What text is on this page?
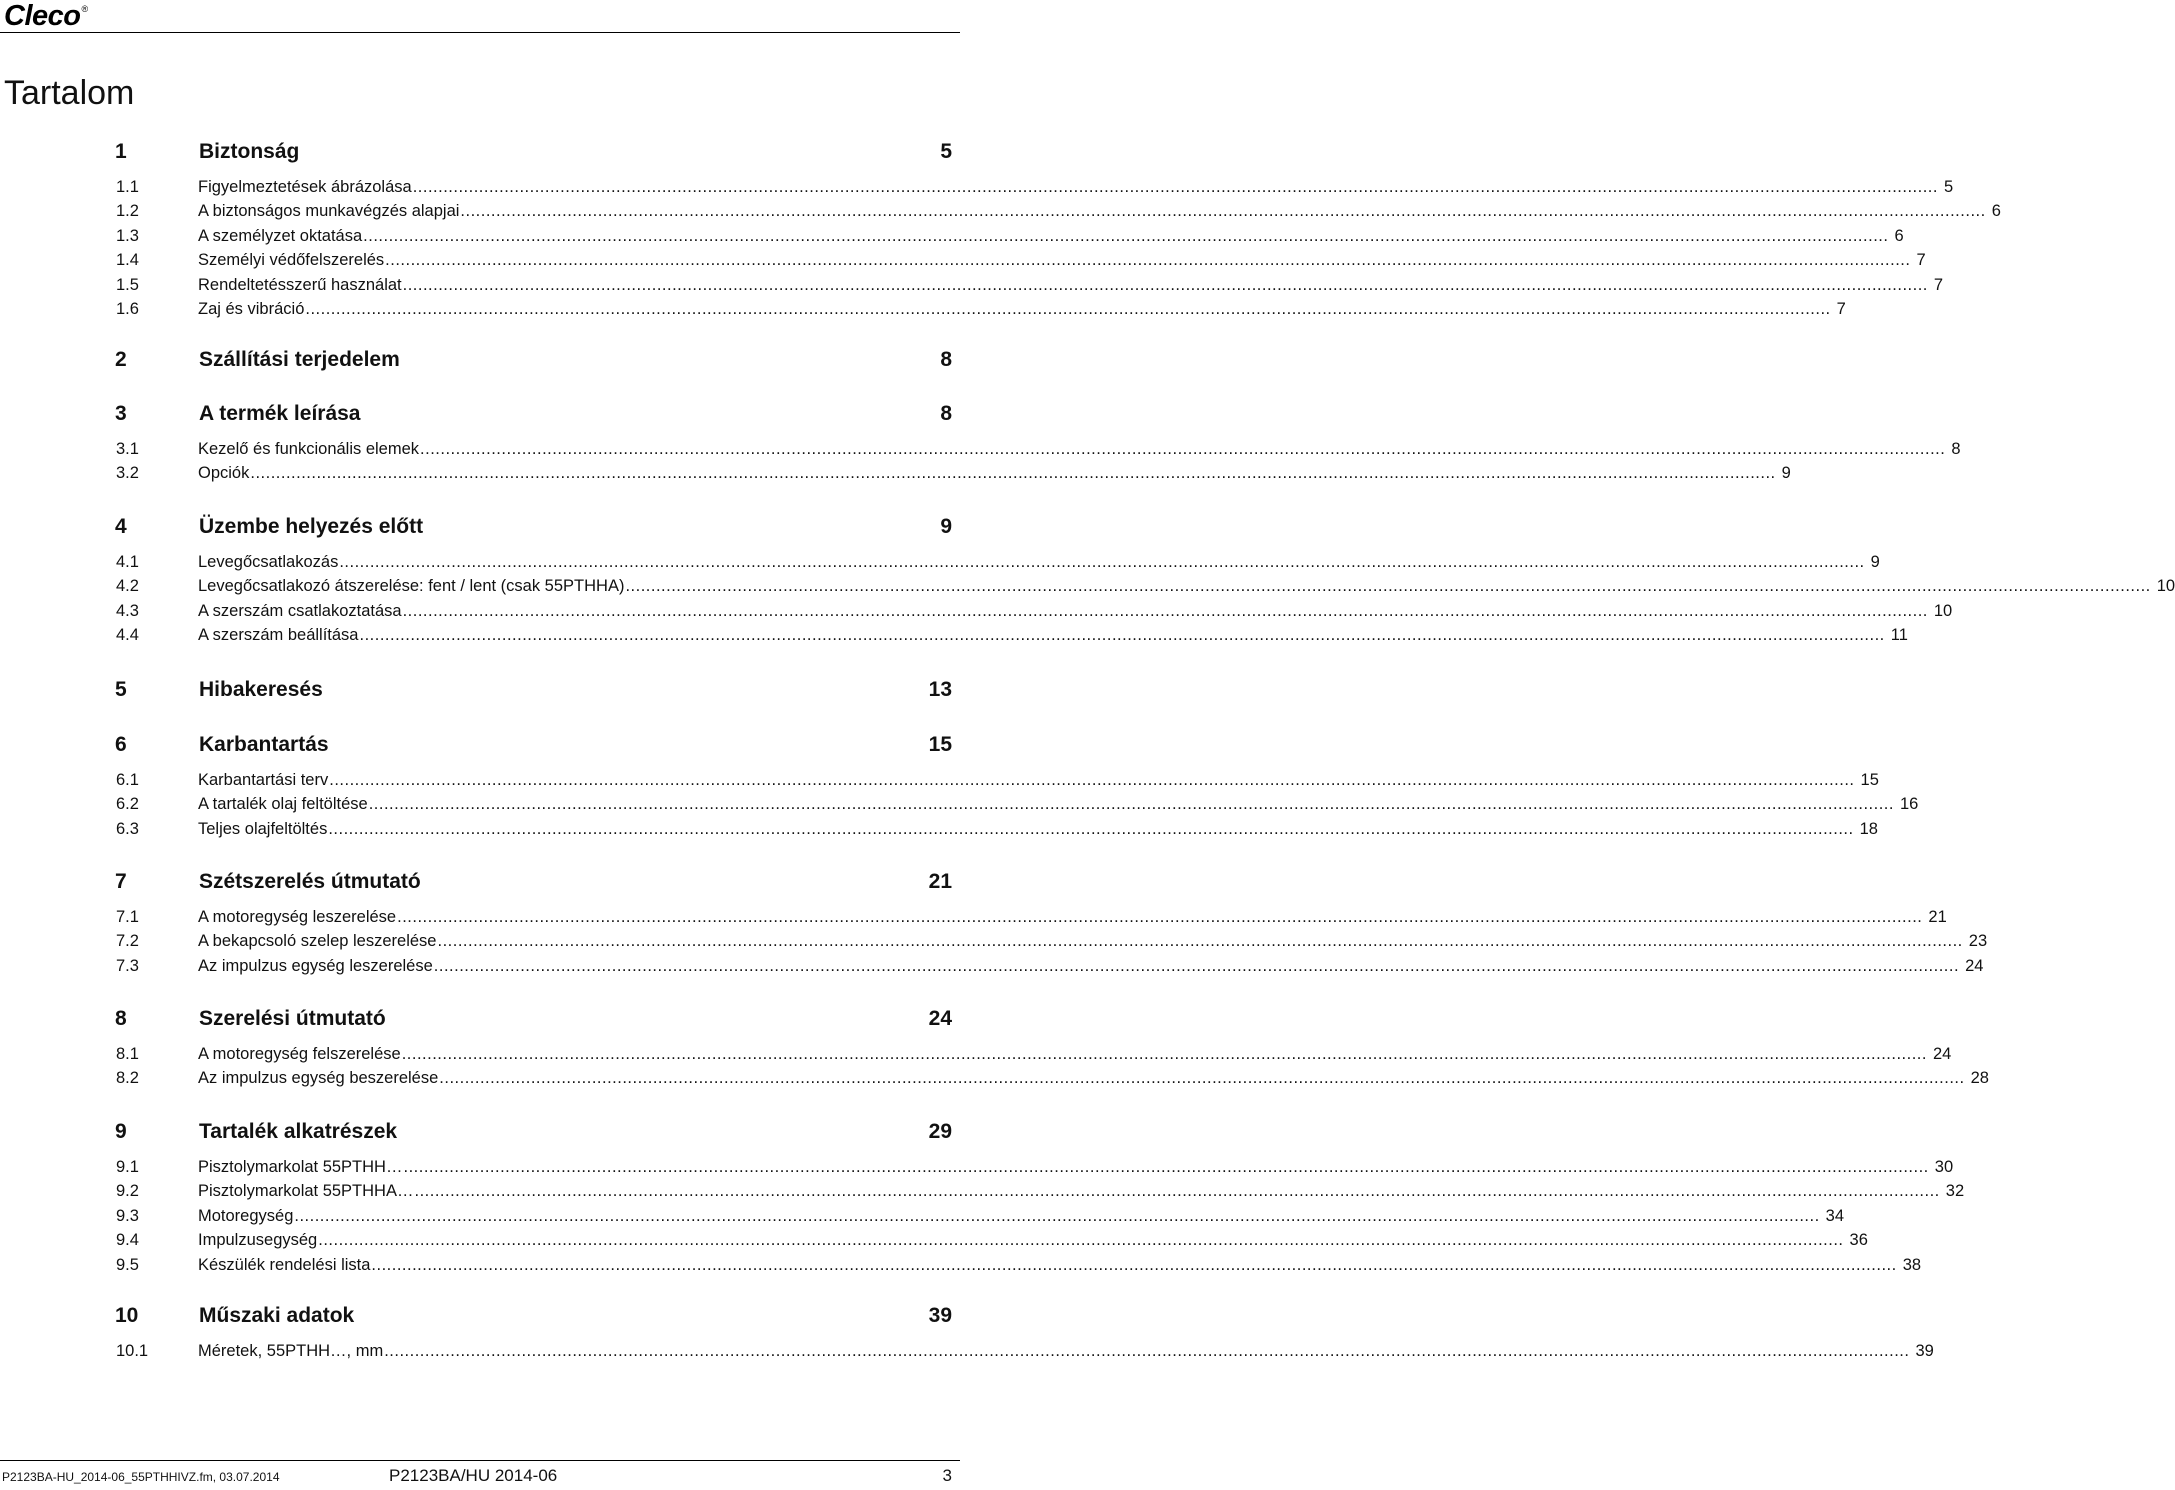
Cleco®
Tartalom
1	Biztonság	5
1.1	Figyelmeztetések ábrázolása ............................................................................................................................................................................................................................................................................................................ 5
1.2	A biztonságos munkavégzés alapjai ............................................................................................................................................................................................................................................................................................................ 6
1.3	A személyzet oktatása ............................................................................................................................................................................................................................................................................................................ 6
1.4	Személyi védőfelszerelés ............................................................................................................................................................................................................................................................................................................ 7
1.5	Rendeltetésszerű használat ............................................................................................................................................................................................................................................................................................................ 7
1.6	Zaj és vibráció ............................................................................................................................................................................................................................................................................................................ 7
2	Szállítási terjedelem	8
3	A termék leírása	8
3.1	Kezelő és funkcionális elemek ............................................................................................................................................................................................................................................................................................................ 8
3.2	Opciók ............................................................................................................................................................................................................................................................................................................ 9
4	Üzembe helyezés előtt	9
4.1	Levegőcsatlakozás ............................................................................................................................................................................................................................................................................................................ 9
4.2	Levegőcsatlakozó átszerelése: fent / lent (csak 55PTHHA) ............................................................................................................................................................................................................................................................................................................ 10
4.3	A szerszám csatlakoztatása ............................................................................................................................................................................................................................................................................................................ 10
4.4	A szerszám beállítása ............................................................................................................................................................................................................................................................................................................ 11
5	Hibakeresés	13
6	Karbantartás	15
6.1	Karbantartási terv ............................................................................................................................................................................................................................................................................................................ 15
6.2	A tartalék olaj feltöltése ............................................................................................................................................................................................................................................................................................................ 16
6.3	Teljes olajfeltöltés ............................................................................................................................................................................................................................................................................................................ 18
7	Szétszerelés útmutató	21
7.1	A motoregység leszerelése ............................................................................................................................................................................................................................................................................................................ 21
7.2	A bekapcsoló szelep leszerelése ............................................................................................................................................................................................................................................................................................................ 23
7.3	Az impulzus egység leszerelése ............................................................................................................................................................................................................................................................................................................ 24
8	Szerelési útmutató	24
8.1	A motoregység felszerelése ............................................................................................................................................................................................................................................................................................................ 24
8.2	Az impulzus egység beszerelése ............................................................................................................................................................................................................................................................................................................ 28
9	Tartalék alkatrészek	29
9.1	Pisztolymarkolat 55PTHH… ............................................................................................................................................................................................................................................................................................................ 30
9.2	Pisztolymarkolat 55PTHHA… ............................................................................................................................................................................................................................................................................................................ 32
9.3	Motoregység ............................................................................................................................................................................................................................................................................................................ 34
9.4	Impulzusegység ............................................................................................................................................................................................................................................................................................................ 36
9.5	Készülék rendelési lista ............................................................................................................................................................................................................................................................................................................ 38
10	Műszaki adatok	39
10.1	Méretek, 55PTHH…, mm ............................................................................................................................................................................................................................................................................................................ 39
P2123BA-HU_2014-06_55PTHHIVZ.fm, 03.07.2014	P2123BA/HU 2014-06	3
